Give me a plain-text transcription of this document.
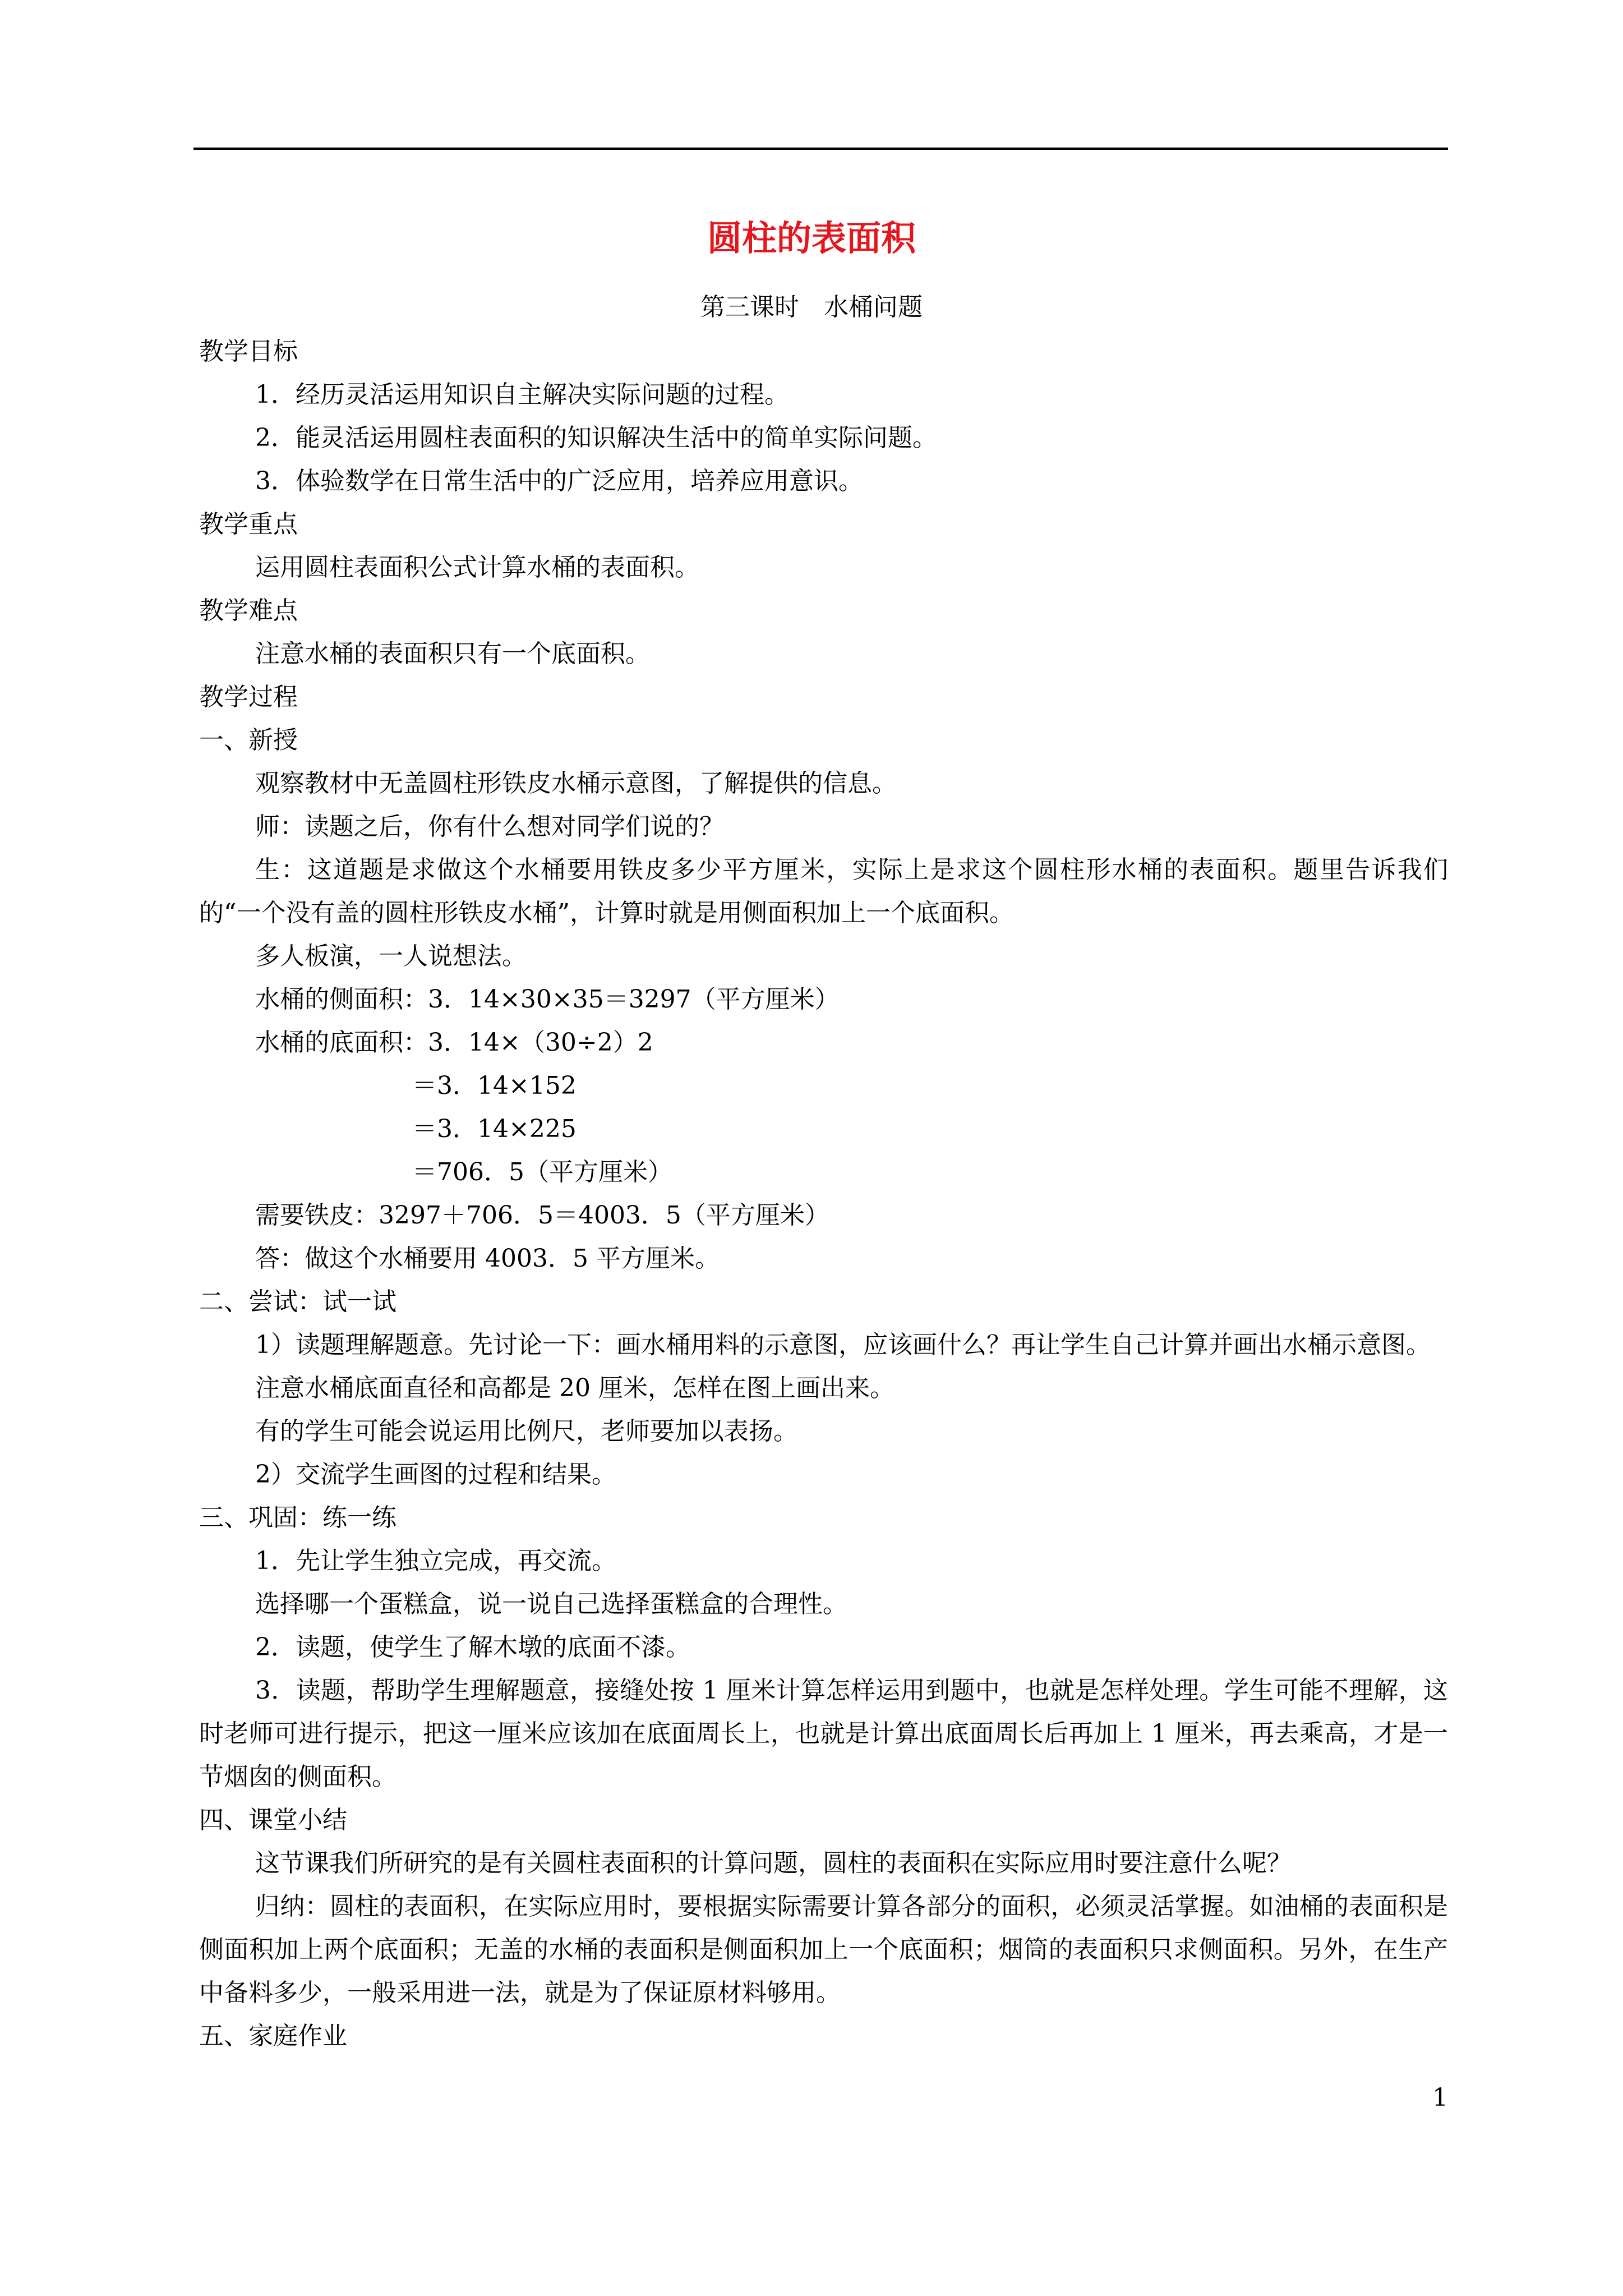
圆柱的表面积
第三课时　水桶问题

教学目标

1．经历灵活运用知识自主解决实际问题的过程。

2．能灵活运用圆柱表面积的知识解决生活中的简单实际问题。

3．体验数学在日常生活中的广泛应用，培养应用意识。

教学重点

运用圆柱表面积公式计算水桶的表面积。

教学难点

注意水桶的表面积只有一个底面积。

教学过程

一、新授

观察教材中无盖圆柱形铁皮水桶示意图，了解提供的信息。

师：读题之后，你有什么想对同学们说的？

生：这道题是求做这个水桶要用铁皮多少平方厘米，实际上是求这个圆柱形水桶的表面积。题里告诉我们的“一个没有盖的圆柱形铁皮水桶”，计算时就是用侧面积加上一个底面积。

多人板演，一人说想法。

水桶的侧面积：3．14×30×35＝3297（平方厘米）

水桶的底面积：3．14×（30÷2）2

＝3．14×152

＝3．14×225

＝706．5（平方厘米）

需要铁皮：3297＋706．5＝4003．5（平方厘米）

答：做这个水桶要用 4003．5 平方厘米。

二、尝试：试一试

1）读题理解题意。先讨论一下：画水桶用料的示意图，应该画什么？再让学生自己计算并画出水桶示意图。

注意水桶底面直径和高都是 20 厘米，怎样在图上画出来。

有的学生可能会说运用比例尺，老师要加以表扬。

2）交流学生画图的过程和结果。

三、巩固：练一练

1．先让学生独立完成，再交流。

选择哪一个蛋糕盒，说一说自己选择蛋糕盒的合理性。

2．读题，使学生了解木墩的底面不漆。

3．读题，帮助学生理解题意，接缝处按 1 厘米计算怎样运用到题中，也就是怎样处理。学生可能不理解，这时老师可进行提示，把这一厘米应该加在底面周长上，也就是计算出底面周长后再加上 1 厘米，再去乘高，才是一节烟囱的侧面积。

四、课堂小结

这节课我们所研究的是有关圆柱表面积的计算问题，圆柱的表面积在实际应用时要注意什么呢？

归纳：圆柱的表面积，在实际应用时，要根据实际需要计算各部分的面积，必须灵活掌握。如油桶的表面积是侧面积加上两个底面积；无盖的水桶的表面积是侧面积加上一个底面积；烟筒的表面积只求侧面积。另外，在生产中备料多少，一般采用进一法，就是为了保证原材料够用。

五、家庭作业

1
